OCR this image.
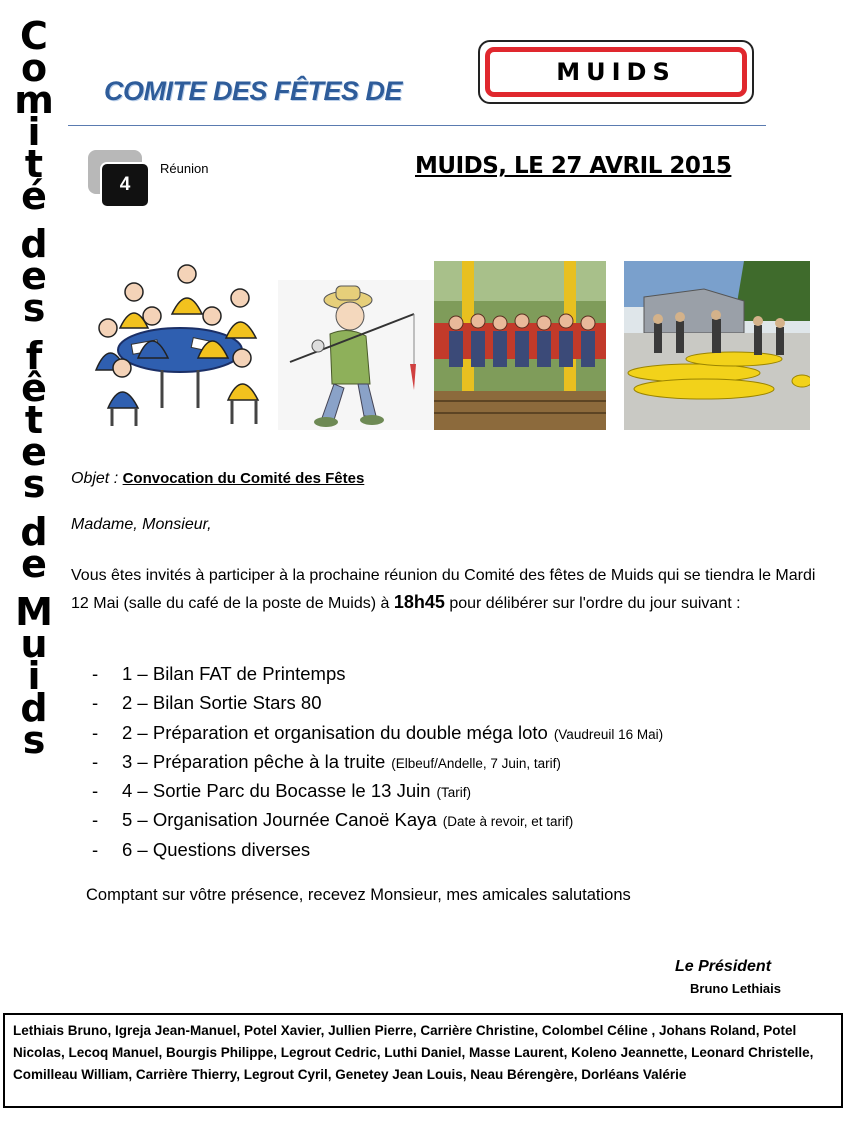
C
o
m
i
t
é
d
e
s
f
ê
t
e
s
d
e
M
u
i
d
s
COMITE DES FÊTES DE
MUIDS
4
Réunion	MUIDS, LE 27 AVRIL 2015
Objet : Convocation du Comité des Fêtes
Madame, Monsieur,
Vous êtes invités à participer à la prochaine réunion du Comité des fêtes de Muids qui se tiendra le Mardi 12 Mai (salle du café de la poste de Muids) à 18h45 pour délibérer sur l'ordre du jour suivant :
-	1 – Bilan FAT de Printemps
-	2 – Bilan Sortie Stars 80
-	2 – Préparation et organisation du double méga loto (Vaudreuil 16 Mai)
-	3 – Préparation pêche à la truite (Elbeuf/Andelle, 7 Juin, tarif)
-	4 – Sortie Parc du Bocasse le 13 Juin (Tarif)
-	5 – Organisation Journée Canoë Kaya (Date à revoir, et tarif)
-	6 – Questions diverses
Comptant sur vôtre présence, recevez Monsieur, mes amicales salutations
Le Président
Bruno Lethiais
Lethiais Bruno, Igreja Jean-Manuel, Potel Xavier, Jullien Pierre, Carrière Christine, Colombel Céline , Johans Roland, Potel Nicolas, Lecoq Manuel, Bourgis Philippe, Legrout Cedric, Luthi Daniel, Masse Laurent, Koleno Jeannette, Leonard Christelle, Comilleau William, Carrière Thierry, Legrout Cyril, Genetey Jean Louis, Neau Bérengère, Dorléans Valérie
